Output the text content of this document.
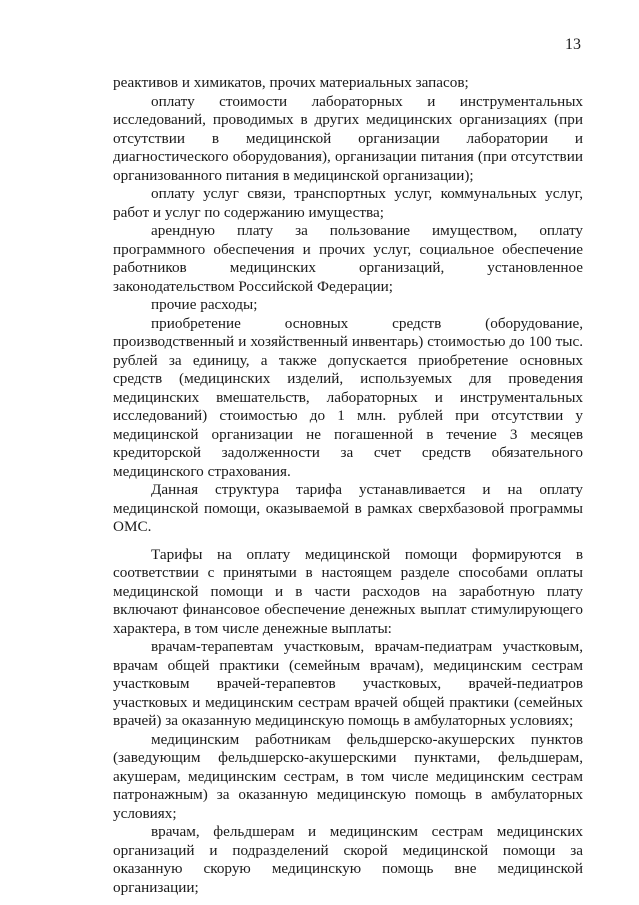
13

реактивов и химикатов, прочих материальных запасов;

оплату стоимости лабораторных и инструментальных исследований, проводимых в других медицинских организациях (при отсутствии в медицинской организации лаборатории и диагностического оборудования), организации питания (при отсутствии организованного питания в медицинской организации);

оплату услуг связи, транспортных услуг, коммунальных услуг, работ и услуг по содержанию имущества;

арендную плату за пользование имуществом, оплату программного обеспечения и прочих услуг, социальное обеспечение работников медицинских организаций, установленное законодательством Российской Федерации;

прочие расходы;

приобретение основных средств (оборудование, производственный и хозяйственный инвентарь) стоимостью до 100 тыс. рублей за единицу, а также допускается приобретение основных средств (медицинских изделий, используемых для проведения медицинских вмешательств, лабораторных и инструментальных исследований) стоимостью до 1 млн. рублей при отсутствии у медицинской организации не погашенной в течение 3 месяцев кредиторской задолженности за счет средств обязательного медицинского страхования.

Данная структура тарифа устанавливается и на оплату медицинской помощи, оказываемой в рамках сверхбазовой программы ОМС.

Тарифы на оплату медицинской помощи формируются в соответствии с принятыми в настоящем разделе способами оплаты медицинской помощи и в части расходов на заработную плату включают финансовое обеспечение денежных выплат стимулирующего характера, в том числе денежные выплаты:

врачам-терапевтам участковым, врачам-педиатрам участковым, врачам общей практики (семейным врачам), медицинским сестрам участковым врачей-терапевтов участковых, врачей-педиатров участковых и медицинским сестрам врачей общей практики (семейных врачей) за оказанную медицинскую помощь в амбулаторных условиях;

медицинским работникам фельдшерско-акушерских пунктов (заведующим фельдшерско-акушерскими пунктами, фельдшерам, акушерам, медицинским сестрам, в том числе медицинским сестрам патронажным) за оказанную медицинскую помощь в амбулаторных условиях;

врачам, фельдшерам и медицинским сестрам медицинских организаций и подразделений скорой медицинской помощи за оказанную скорую медицинскую помощь вне медицинской организации;
